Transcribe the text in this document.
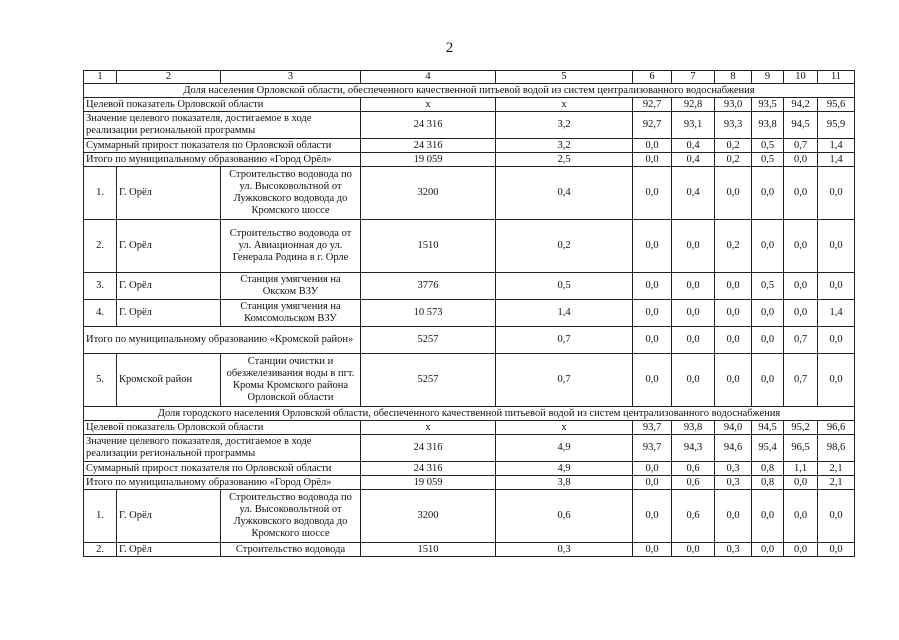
2
1	2	3	4	5	6	7	8	9	10	11
Доля населения Орловской области, обеспеченного качественной питьевой водой из систем централизованного водоснабжения										
Целевой показатель Орловской области			х	х	92,7	92,8	93,0	93,5	94,2	95,6
Значение целевого показателя, достигаемое в ходе реализации региональной программы			24 316	3,2	92,7	93,1	93,3	93,8	94,5	95,9
Суммарный прирост показателя по Орловской области			24 316	3,2	0,0	0,4	0,2	0,5	0,7	1,4
Итого по муниципальному образованию «Город Орёл»			19 059	2,5	0,0	0,4	0,2	0,5	0,0	1,4
1.	Г. Орёл	Строительство водовода по ул. Высоковольтной от Лужковского водовода до Кромского шоссе	3200	0,4	0,0	0,4	0,0	0,0	0,0	0,0
2.	Г. Орёл	Строительство водовода от ул. Авиационная до ул. Генерала Родина в г. Орле	1510	0,2	0,0	0,0	0,2	0,0	0,0	0,0
3.	Г. Орёл	Станция умягчения на Окском ВЗУ	3776	0,5	0,0	0,0	0,0	0,5	0,0	0,0
4.	Г. Орёл	Станция умягчения на Комсомольском ВЗУ	10 573	1,4	0,0	0,0	0,0	0,0	0,0	1,4
Итого по муниципальному образованию «Кромской район»			5257	0,7	0,0	0,0	0,0	0,0	0,7	0,0
5.	Кромской район	Станции очистки и обезжелезивания воды в пгт. Кромы Кромского района Орловской области	5257	0,7	0,0	0,0	0,0	0,0	0,7	0,0
Доля городского населения Орловской области, обеспеченного качественной питьевой водой из систем централизованного водоснабжения										
Целевой показатель Орловской области			х	х	93,7	93,8	94,0	94,5	95,2	96,6
Значение целевого показателя, достигаемое в ходе реализации региональной программы			24 316	4,9	93,7	94,3	94,6	95,4	96,5	98,6
Суммарный прирост показателя по Орловской области			24 316	4,9	0,0	0,6	0,3	0,8	1,1	2,1
Итого по муниципальному образованию «Город Орёл»			19 059	3,8	0,0	0,6	0,3	0,8	0,0	2,1
1.	Г. Орёл	Строительство водовода по ул. Высоковольтной от Лужковского водовода до Кромского шоссе	3200	0,6	0,0	0,6	0,0	0,0	0,0	0,0
2.	Г. Орёл	Строительство водовода	1510	0,3	0,0	0,0	0,3	0,0	0,0	0,0
